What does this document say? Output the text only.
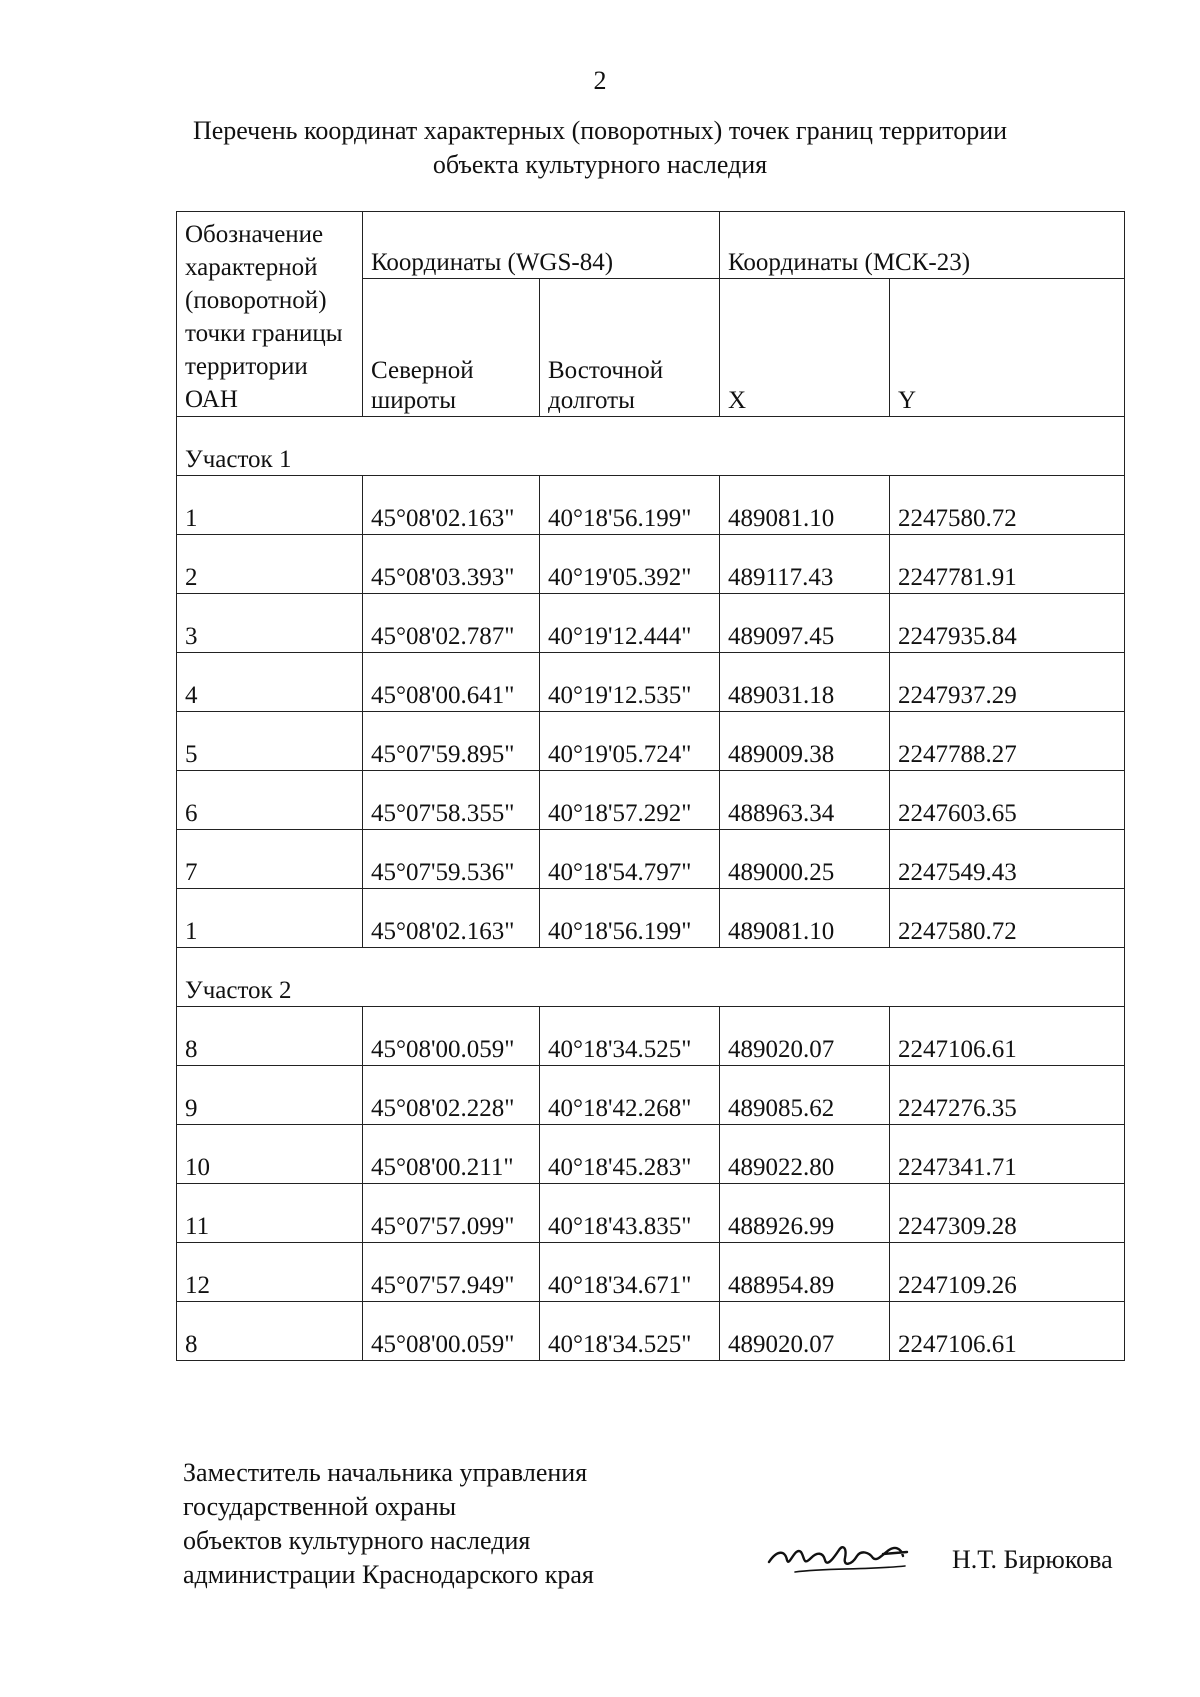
2
Перечень координат характерных (поворотных) точек границ территории
объекта культурного наследия
Обозначение характерной (поворотной) точки границы территории ОАН	Координаты (WGS-84)		Координаты (МСК-23)	
	Северной широты	Восточной долготы	X	Y
Участок 1				
1	45°08'02.163"	40°18'56.199"	489081.10	2247580.72
2	45°08'03.393"	40°19'05.392"	489117.43	2247781.91
3	45°08'02.787"	40°19'12.444"	489097.45	2247935.84
4	45°08'00.641"	40°19'12.535"	489031.18	2247937.29
5	45°07'59.895"	40°19'05.724"	489009.38	2247788.27
6	45°07'58.355"	40°18'57.292"	488963.34	2247603.65
7	45°07'59.536"	40°18'54.797"	489000.25	2247549.43
1	45°08'02.163"	40°18'56.199"	489081.10	2247580.72
Участок 2				
8	45°08'00.059"	40°18'34.525"	489020.07	2247106.61
9	45°08'02.228"	40°18'42.268"	489085.62	2247276.35
10	45°08'00.211"	40°18'45.283"	489022.80	2247341.71
11	45°07'57.099"	40°18'43.835"	488926.99	2247309.28
12	45°07'57.949"	40°18'34.671"	488954.89	2247109.26
8	45°08'00.059"	40°18'34.525"	489020.07	2247106.61
Заместитель начальника управления
государственной охраны
объектов культурного наследия
администрации Краснодарского края
Н.Т. Бирюкова
